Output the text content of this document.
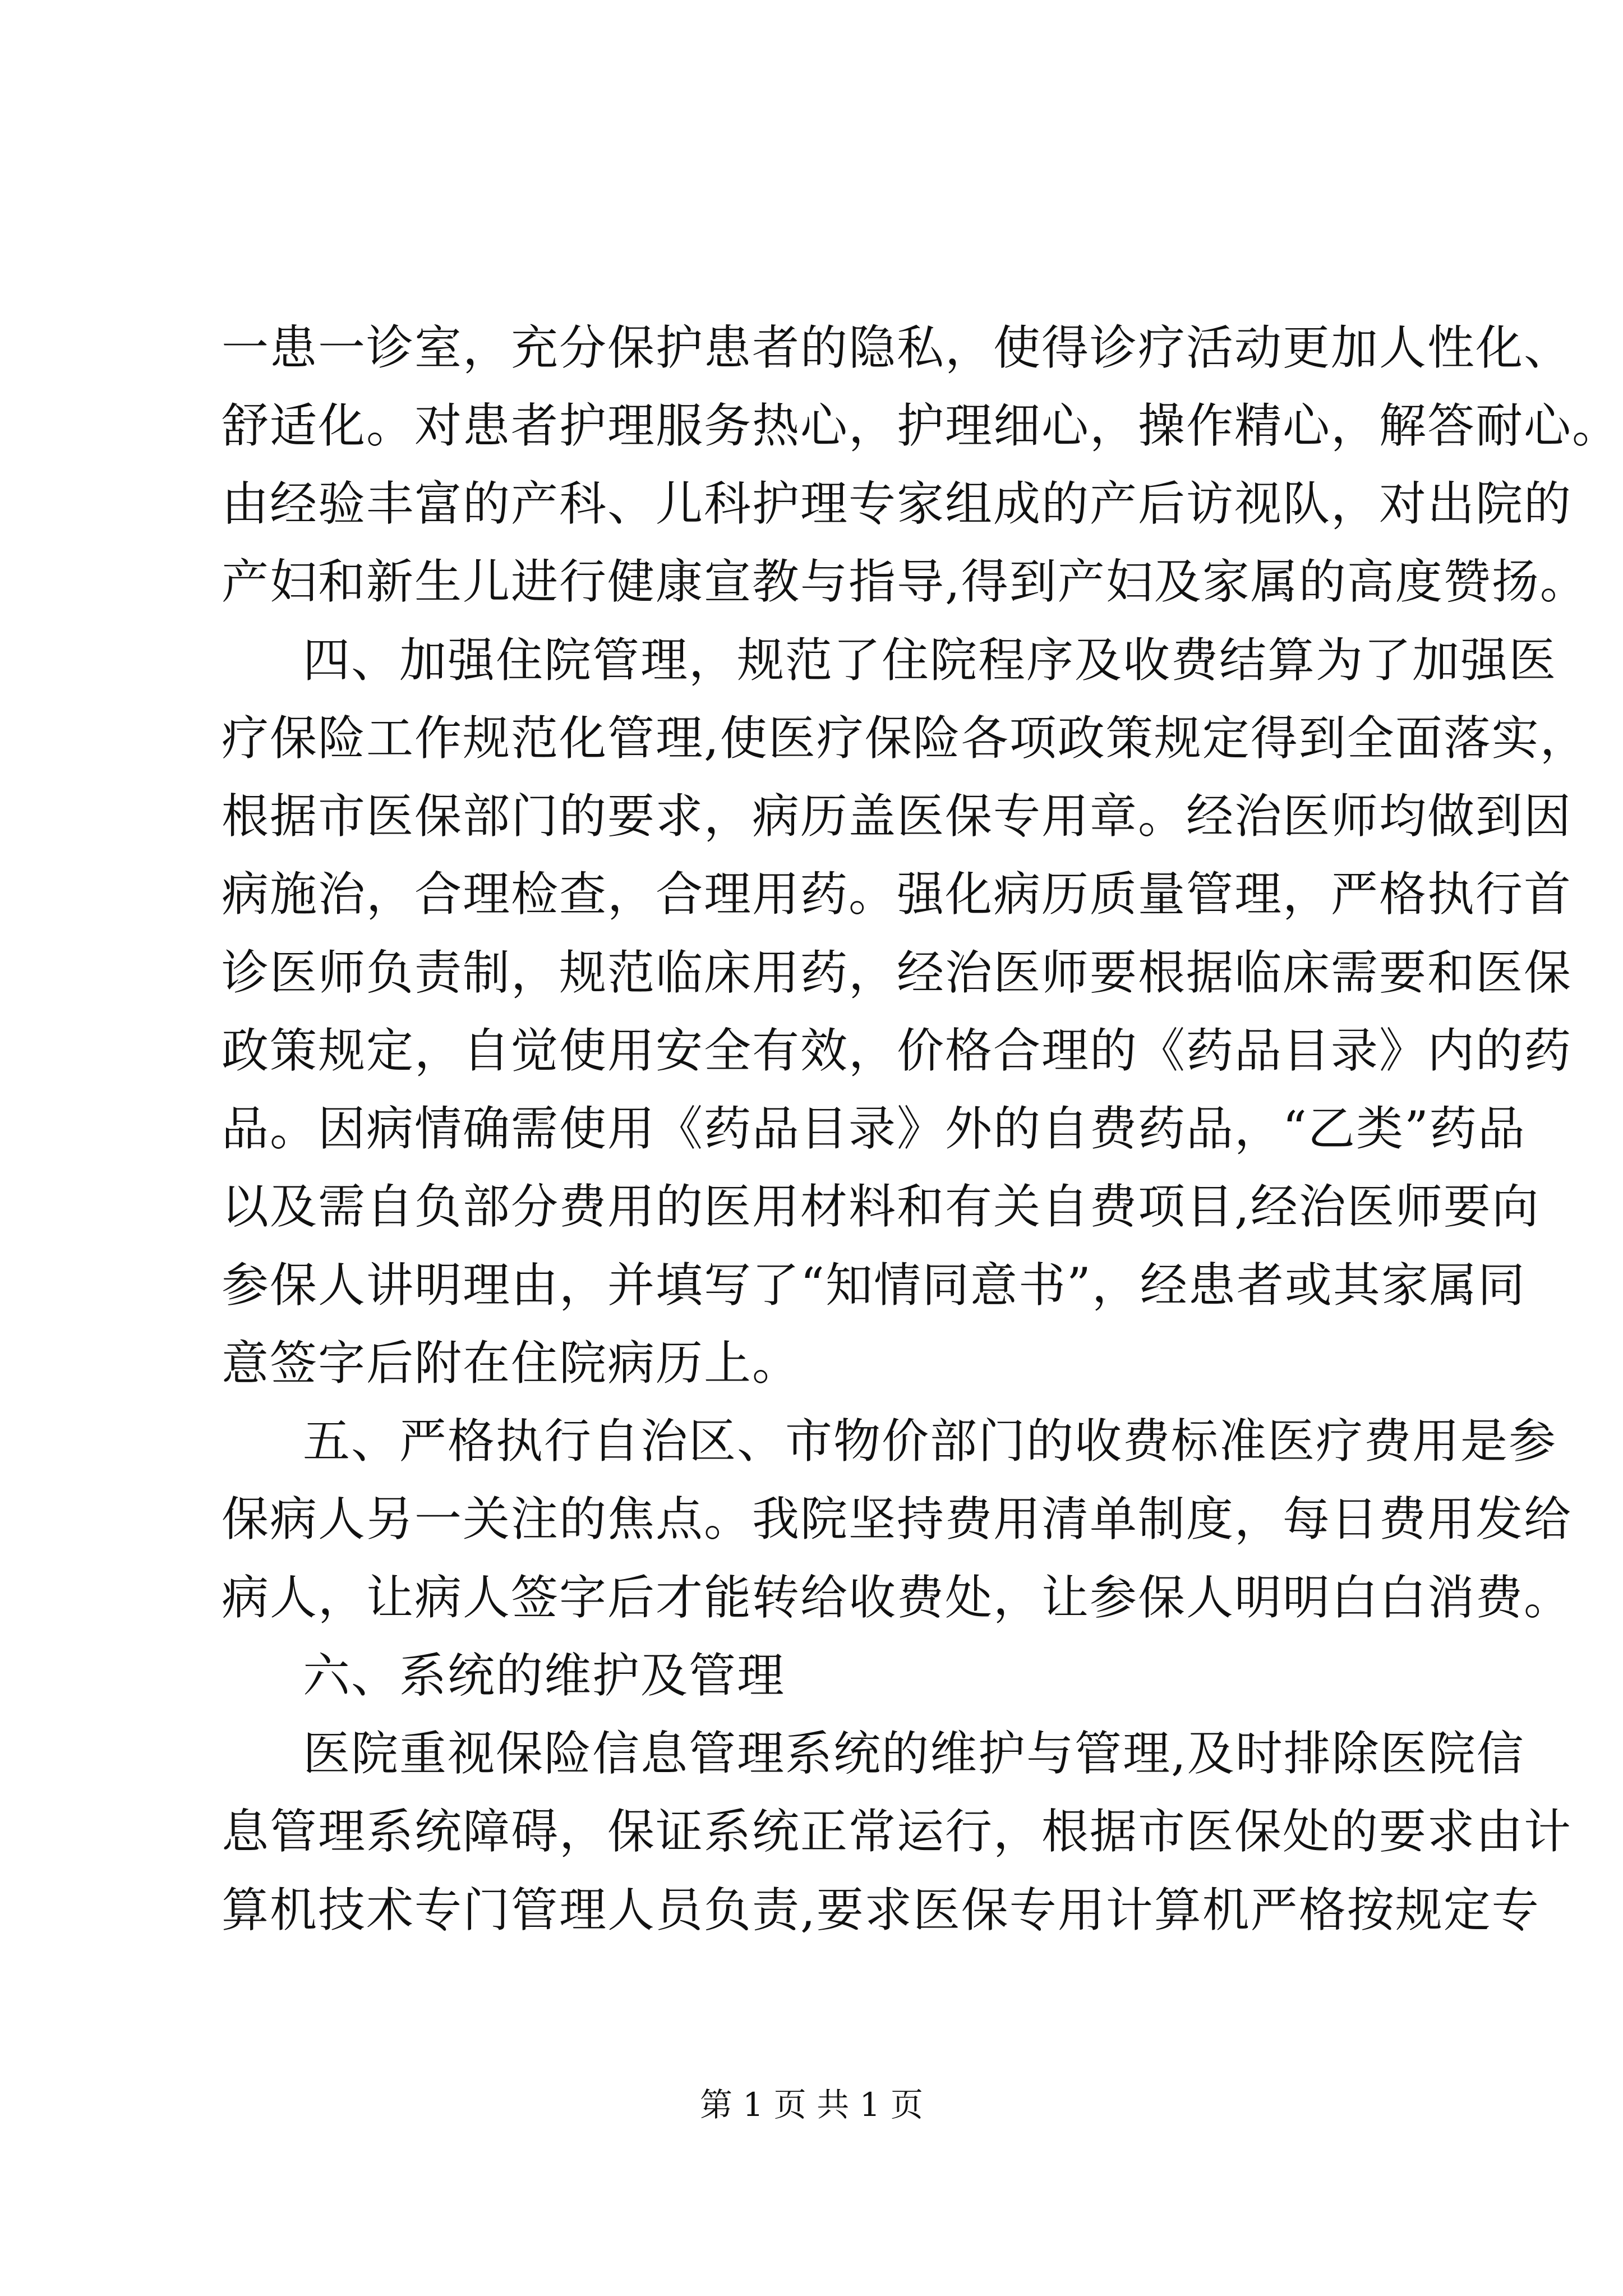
一患一诊室，充分保护患者的隐私，使得诊疗活动更加人性化、
舒适化。对患者护理服务热心，护理细心，操作精心，解答耐心。
由经验丰富的产科、儿科护理专家组成的产后访视队，对出院的
产妇和新生儿进行健康宣教与指导,得到产妇及家属的高度赞扬。
四、加强住院管理，规范了住院程序及收费结算为了加强医
疗保险工作规范化管理,使医疗保险各项政策规定得到全面落实，
根据市医保部门的要求，病历盖医保专用章。经治医师均做到因
病施治，合理检查，合理用药。强化病历质量管理，严格执行首
诊医师负责制，规范临床用药，经治医师要根据临床需要和医保
政策规定，自觉使用安全有效，价格合理的《药品目录》内的药
品。因病情确需使用《药品目录》外的自费药品，“乙类”药品
以及需自负部分费用的医用材料和有关自费项目,经治医师要向
参保人讲明理由，并填写了“知情同意书”，经患者或其家属同
意签字后附在住院病历上。
五、严格执行自治区、市物价部门的收费标准医疗费用是参
保病人另一关注的焦点。我院坚持费用清单制度，每日费用发给
病人，让病人签字后才能转给收费处，让参保人明明白白消费。
六、系统的维护及管理
医院重视保险信息管理系统的维护与管理,及时排除医院信
息管理系统障碍，保证系统正常运行，根据市医保处的要求由计
算机技术专门管理人员负责,要求医保专用计算机严格按规定专
第 1 页 共 1 页
